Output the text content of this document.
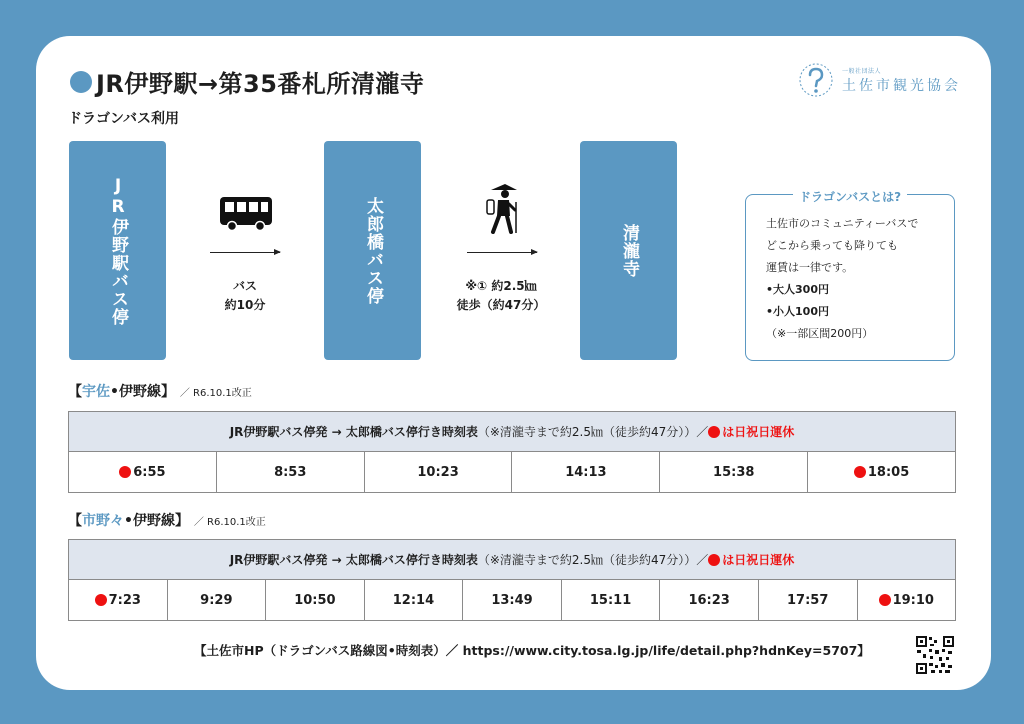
JR伊野駅→第35番札所清瀧寺
ドラゴンバス利用
一般社団法人
土佐市観光協会
JR伊野駅バス停	太郎橋バス停	清瀧寺
バス
約10分
※① 約2.5㎞
徒歩（約47分）
ドラゴンバスとは?
土佐市のコミュニティーバスで
どこから乗っても降りても
運賃は一律です。
•大人300円
•小人100円
（※一部区間200円）
【宇佐•伊野線】 ／ R6.10.1改正
JR伊野駅バス停発 → 太郎橋バス停行き時刻表 （※清瀧寺まで約2.5㎞（徒歩約47分））／ は日祝日運休
6:55	8:53	10:23	14:13	15:38	18:05
【市野々•伊野線】 ／ R6.10.1改正
JR伊野駅バス停発 → 太郎橋バス停行き時刻表 （※清瀧寺まで約2.5㎞（徒歩約47分））／ は日祝日運休
7:23	9:29	10:50	12:14	13:49	15:11	16:23	17:57	19:10
【土佐市HP（ドラゴンバス路線図•時刻表）／ https://www.city.tosa.lg.jp/life/detail.php?hdnKey=5707】
